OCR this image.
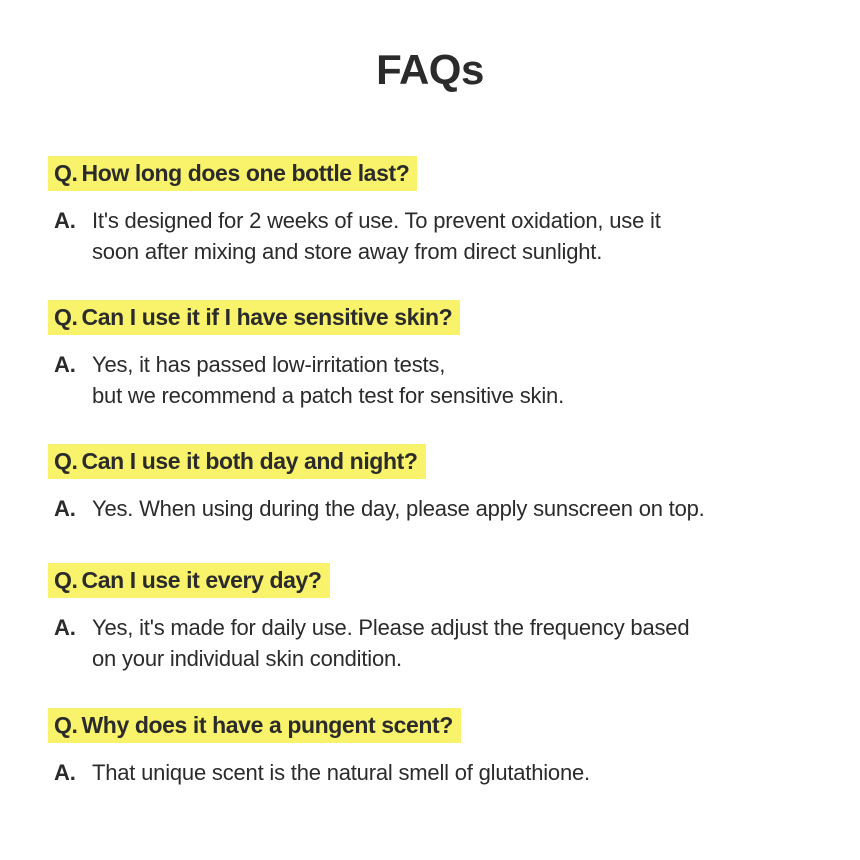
FAQs
Q. How long does one bottle last?
A. It's designed for 2 weeks of use. To prevent oxidation, use it
soon after mixing and store away from direct sunlight.
Q. Can I use it if I have sensitive skin?
A. Yes, it has passed low-irritation tests,
but we recommend a patch test for sensitive skin.
Q. Can I use it both day and night?
A. Yes. When using during the day, please apply sunscreen on top.
Q. Can I use it every day?
A. Yes, it's made for daily use. Please adjust the frequency based
on your individual skin condition.
Q. Why does it have a pungent scent?
A. That unique scent is the natural smell of glutathione.
